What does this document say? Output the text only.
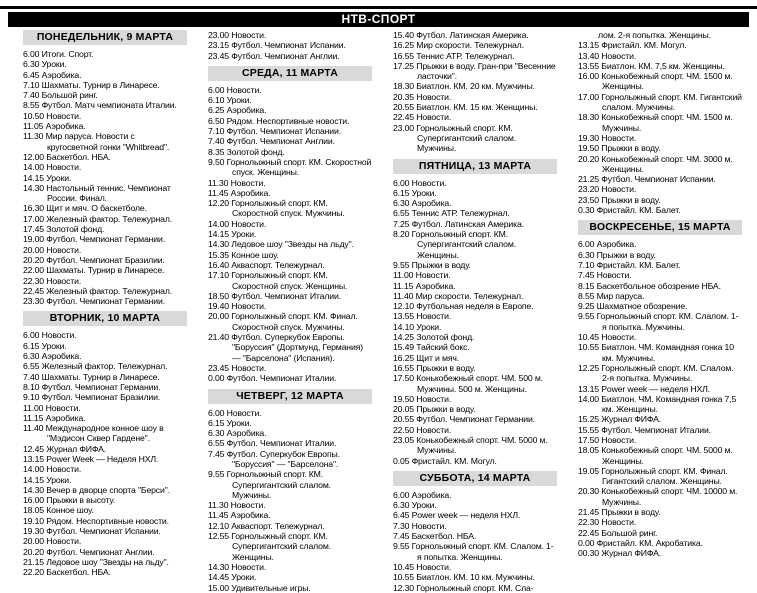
НТВ-СПОРТ
ПОНЕДЕЛЬНИК, 9 МАРТА
6.00 Итоги. Спорт.
6.30 Уроки.
6.45 Аэробика.
7.10 Шахматы. Турнир в Линаресе.
7.40 Большой ринг.
8.55 Футбол. Матч чемпионата Италии.
10.50 Новости.
11.05 Аэробика.
11.30 Мир паруса. Новости с кругосветной гонки "Whitbread".
12.00 Баскетбол. НБА.
14.00 Новости.
14.15 Уроки.
14.30 Настольный теннис. Чемпионат России. Финал.
16.30 Щит и мяч. О баскетболе.
17.00 Железный фактор. Тележурнал.
17.45 Золотой фонд.
19.00 Футбол. Чемпионат Германии.
20.00 Новости.
20.20 Футбол. Чемпионат Бразилии.
22.00 Шахматы. Турнир в Линаресе.
22.30 Новости.
22.45 Железный фактор. Тележурнал.
23.30 Футбол. Чемпионат Германии.
ВТОРНИК, 10 МАРТА
6.00 Новости.
6.15 Уроки.
6.30 Аэробика.
6.55 Железный фактор. Тележурнал.
7.40 Шахматы. Турнир в Линаресе.
8.10 Футбол. Чемпионат Германии.
9.10 Футбол. Чемпионат Бразилии.
11.00 Новости.
11.15 Аэробика.
11.40 Международное конное шоу в "Мэдисон Сквер Гардене".
12.45 Журнал ФИФА.
13.15 Power Week — Неделя НХЛ.
14.00 Новости.
14.15 Уроки.
14.30 Вечер в дворце спорта "Берси".
16.00 Прыжки в высоту.
18.05 Конное шоу.
19.10 Рядом. Неспортивные новости.
19.30 Футбол. Чемпионат Испании.
20.00 Новости.
20.20 Футбол. Чемпионат Англии.
21.15 Ледовое шоу "Звезды на льду".
22.20 Баскетбол. НБА.
23.00 Новости.
23.15 Футбол. Чемпионат Испании.
23.45 Футбол. Чемпионат Англии.
СРЕДА, 11 МАРТА
6.00 Новости.
6.10 Уроки.
6.25 Аэробика.
6.50 Рядом. Неспортивные новости.
7.10 Футбол. Чемпионат Испании.
7.40 Футбол. Чемпионат Англии.
8.35 Золотой фонд.
9.50 Горнолыжный спорт. КМ. Скоростной спуск. Женщины.
11.30 Новости.
11.45 Аэробика.
12.20 Горнолыжный спорт. КМ. Скоростной спуск. Мужчины.
14.00 Новости.
14.15 Уроки.
14.30 Ледовое шоу "Звезды на льду".
15.35 Конное шоу.
16.40 Акваспорт. Тележурнал.
17.10 Горнолыжный спорт. КМ. Скоростной спуск. Женщины.
18.50 Футбол. Чемпионат Италии.
19.40 Новости.
20.00 Горнолыжный спорт. КМ. Финал. Скоростной спуск. Мужчины.
21.40 Футбол. Суперкубок Европы. "Боруссия" (Дортмунд, Германия) — "Барселона" (Испания).
23.45 Новости.
0.00 Футбол. Чемпионат Италии.
ЧЕТВЕРГ, 12 МАРТА
6.00 Новости.
6.15 Уроки.
6.30 Аэробика.
6.55 Футбол. Чемпионат Италии.
7.45 Футбол. Суперкубок Европы. "Боруссия" — "Барселона".
9.55 Горнолыжный спорт. КМ. Супергигантский слалом. Мужчины.
11.30 Новости.
11.45 Аэробика.
12.10 Акваспорт. Тележурнал.
12.55 Горнолыжный спорт. КМ. Супергигантский слалом. Женщины.
14.30 Новости.
14.45 Уроки.
15.00 Удивительные игры.
15.40 Футбол. Латинская Америка.
16.25 Мир скорости. Тележурнал.
16.55 Теннис АТР. Тележурнал.
17.25 Прыжки в воду. Гран-при "Весенние ласточки".
18.30 Биатлон. КМ. 20 км. Мужчины.
20.35 Новости.
20.55 Биатлон. КМ. 15 км. Женщины.
22.45 Новости.
23.00 Горнолыжный спорт. КМ. Супергигантский слалом. Мужчины.
ПЯТНИЦА, 13 МАРТА
6.00 Новости.
6.15 Уроки.
6.30 Аэробика.
6.55 Теннис АТР. Тележурнал.
7.25 Футбол. Латинская Америка.
8.20 Горнолыжный спорт. КМ. Супергигантский слалом. Женщины.
9.55 Прыжки в воду.
11.00 Новости.
11.15 Аэробика.
11.40 Мир скорости. Тележурнал.
12.10 Футбольная неделя в Европе.
13.55 Новости.
14.10 Уроки.
14.25 Золотой фонд.
15.49 Тайский бокс.
16.25 Щит и мяч.
16.55 Прыжки в воду.
17.50 Конькобежный спорт. ЧМ. 500 м. Мужчины. 500 м. Женщины.
19.50 Новости.
20.05 Прыжки в воду.
20.55 Футбол. Чемпионат Германии.
22.50 Новости.
23.05 Конькобежный спорт. ЧМ. 5000 м. Мужчины.
0.05 Фристайл. КМ. Могул.
СУББОТА, 14 МАРТА
6.00 Аэробика.
6.30 Уроки.
6.45 Power week — неделя НХЛ.
7.30 Новости.
7.45 Баскетбол. НБА.
9.55 Горнолыжный спорт. КМ. Слалом. 1-я попытка. Женщины.
10.45 Новости.
10.55 Биатлон. КМ. 10 км. Мужчины.
12.30 Горнолыжный спорт. КМ. Сла-
лом. 2-я попытка. Женщины.
13.15 Фристайл. КМ. Могул.
13.40 Новости.
13.55 Биатлон. КМ. 7,5 км. Женщины.
16.00 Конькобежный спорт. ЧМ. 1500 м. Женщины.
17.00 Горнолыжный спорт. КМ. Гигантский слалом. Мужчины.
18.30 Конькобежный спорт. ЧМ. 1500 м. Мужчины.
19.30 Новости.
19.50 Прыжки в воду.
20.20 Конькобежный спорт. ЧМ. 3000 м. Женщины.
21.25 Футбол. Чемпионат Испании.
23.20 Новости.
23.50 Прыжки в воду.
0.30 Фристайл. КМ. Балет.
ВОСКРЕСЕНЬЕ, 15 МАРТА
6.00 Аэробика.
6.30 Прыжки в воду.
7.10 Фристайл. КМ. Балет.
7.45 Новости.
8.15 Баскетбольное обозрение НБА.
8.55 Мир паруса.
9.25 Шахматное обозрение.
9.55 Горнолыжный спорт. КМ. Слалом. 1-я попытка. Мужчины.
10.45 Новости.
10.55 Биатлон. ЧМ. Командная гонка 10 км. Мужчины.
12.25 Горнолыжный спорт. КМ. Слалом. 2-я попытка. Мужчины.
13.15 Power week — неделя НХЛ.
14.00 Биатлон. ЧМ. Командная гонка 7,5 км. Женщины.
15.25 Журнал ФИФА.
15.55 Футбол. Чемпионат Италии.
17.50 Новости.
18.05 Конькобежный спорт. ЧМ. 5000 м. Женщины.
19.05 Горнолыжный спорт. КМ. Финал. Гигантский слалом. Женщины.
20.30 Конькобежный спорт. ЧМ. 10000 м. Мужчины.
21.45 Прыжки в воду.
22.30 Новости.
22.45 Большой ринг.
0.00 Фристайл. КМ. Акробатика.
00.30 Журнал ФИФА.
